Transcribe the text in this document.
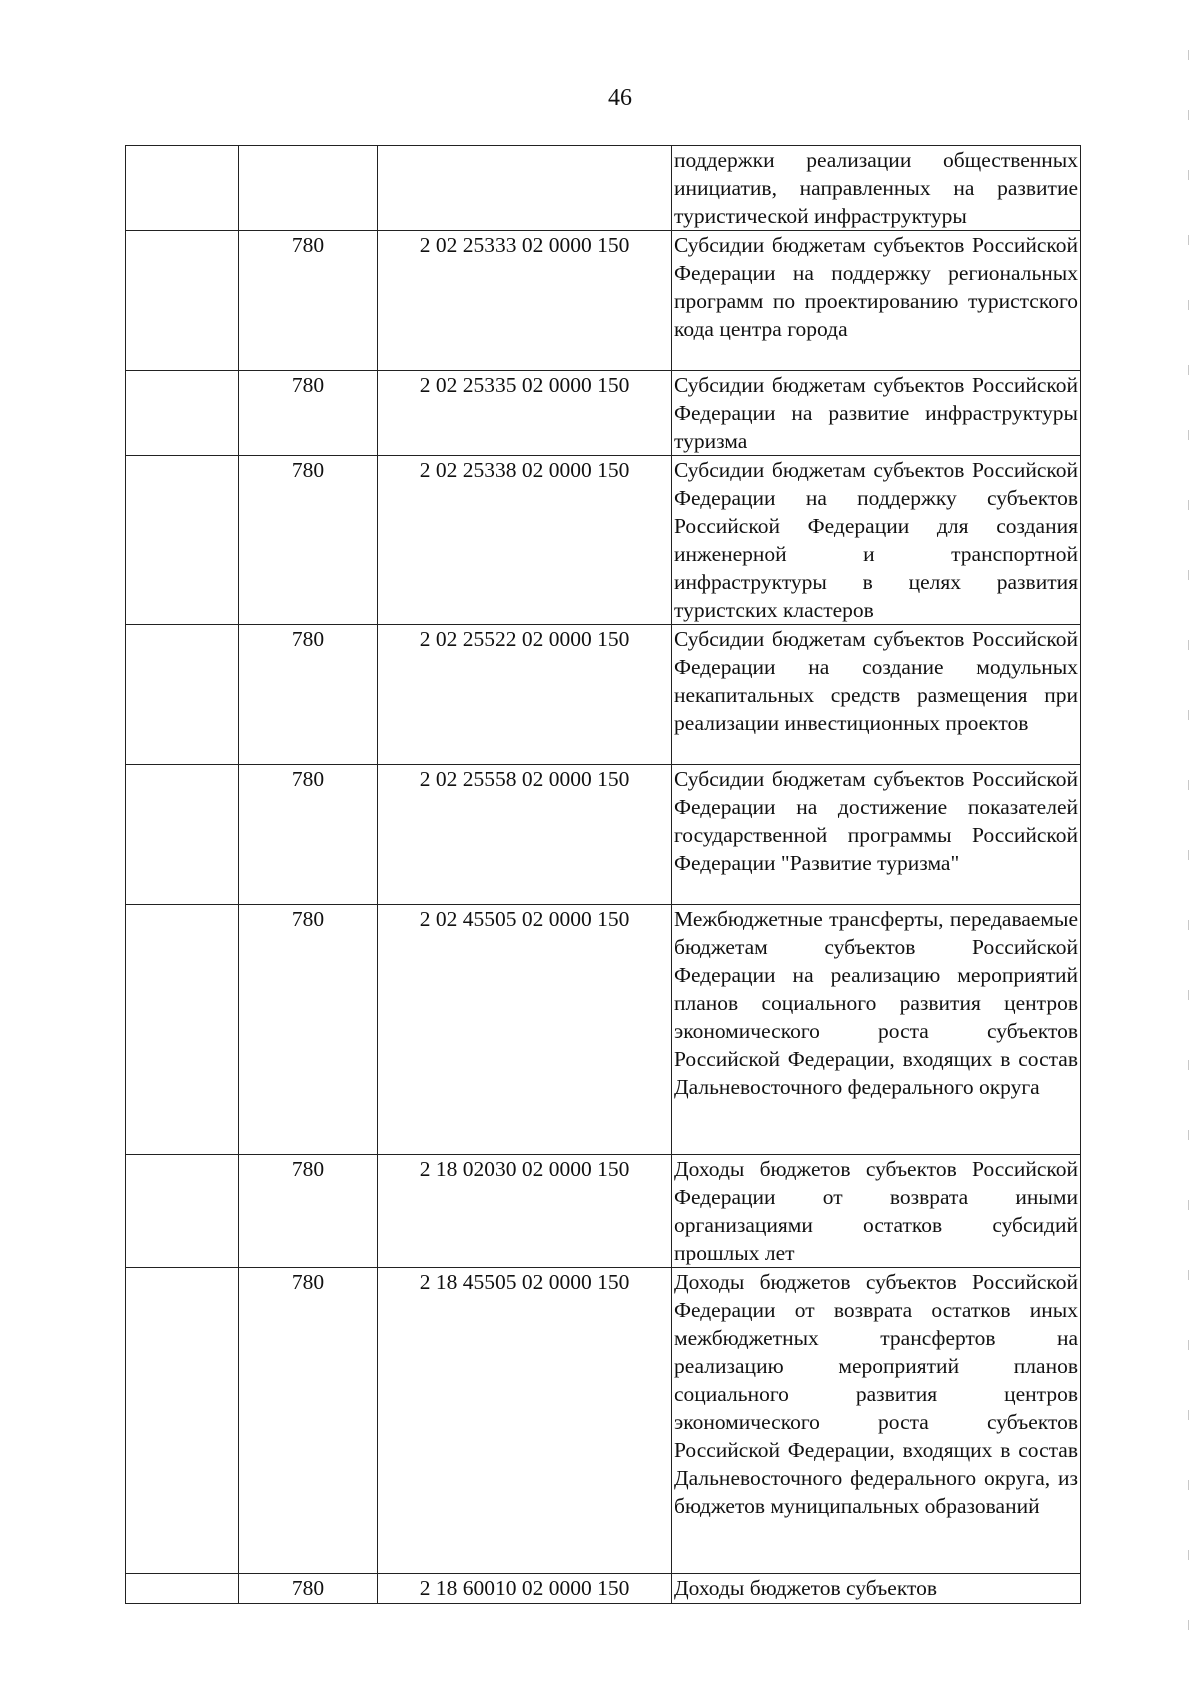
46
			поддержки реализации общественных инициатив, направленных на развитие туристической инфраструктуры
	780	2 02 25333 02 0000 150	Субсидии бюджетам субъектов Российской Федерации на поддержку региональных программ по проектированию туристского кода центра города
	780	2 02 25335 02 0000 150	Субсидии бюджетам субъектов Российской Федерации на развитие инфраструктуры туризма
	780	2 02 25338 02 0000 150	Субсидии бюджетам субъектов Российской Федерации на поддержку субъектов Российской Федерации для создания инженерной и транспортной инфраструктуры в целях развития туристских кластеров
	780	2 02 25522 02 0000 150	Субсидии бюджетам субъектов Российской Федерации на создание модульных некапитальных средств размещения при реализации инвестиционных проектов
	780	2 02 25558 02 0000 150	Субсидии бюджетам субъектов Российской Федерации на достижение показателей государственной программы Российской Федерации "Развитие туризма"
	780	2 02 45505 02 0000 150	Межбюджетные трансферты, передаваемые бюджетам субъектов Российской Федерации на реализацию мероприятий планов социального развития центров экономического роста субъектов Российской Федерации, входящих в состав Дальневосточного федерального округа
	780	2 18 02030 02 0000 150	Доходы бюджетов субъектов Российской Федерации от возврата иными организациями остатков субсидий прошлых лет
	780	2 18 45505 02 0000 150	Доходы бюджетов субъектов Российской Федерации от возврата остатков иных межбюджетных трансфертов на реализацию мероприятий планов социального развития центров экономического роста субъектов Российской Федерации, входящих в состав Дальневосточного федерального округа, из бюджетов муниципальных образований
	780	2 18 60010 02 0000 150	Доходы бюджетов субъектов
